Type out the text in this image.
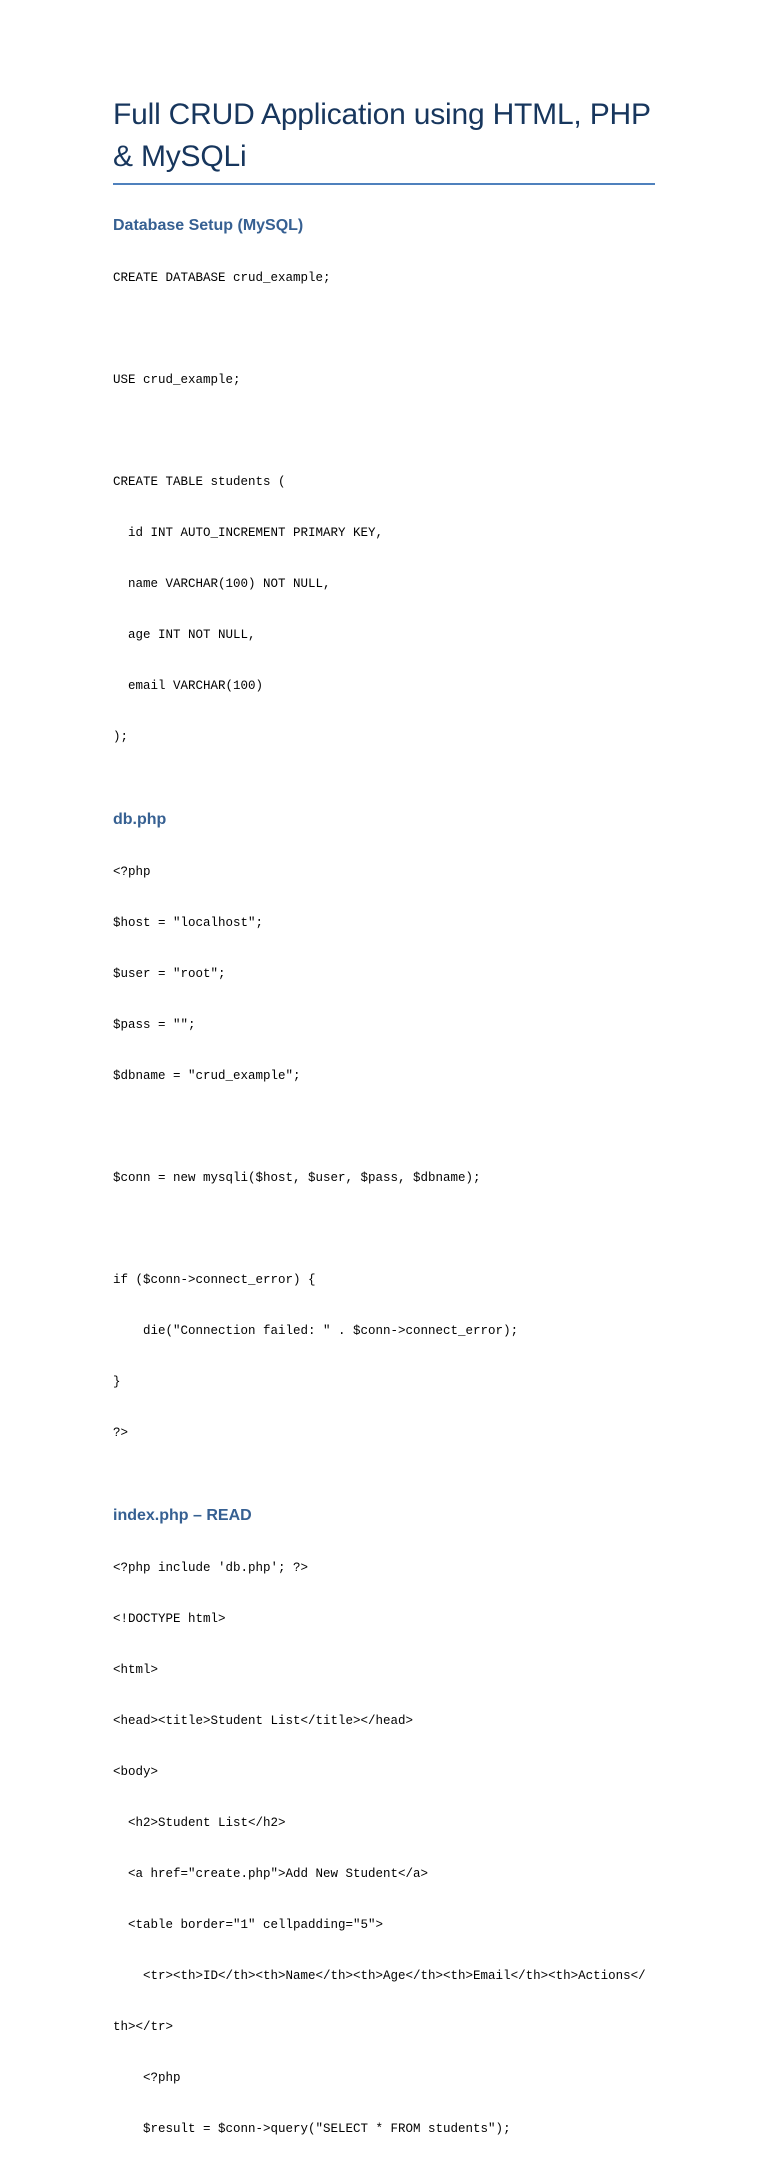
Full CRUD Application using HTML, PHP & MySQLi
Database Setup (MySQL)

CREATE DATABASE crud_example;

USE crud_example;

CREATE TABLE students (

id INT AUTO_INCREMENT PRIMARY KEY,

name VARCHAR(100) NOT NULL,

age INT NOT NULL,

email VARCHAR(100)

);

db.php

<?php

$host = "localhost";

$user = "root";

$pass = "";

$dbname = "crud_example";

$conn = new mysqli($host, $user, $pass, $dbname);

if ($conn->connect_error) {

die("Connection failed: " . $conn->connect_error);

}

?>

index.php – READ

<?php include 'db.php'; ?>

<!DOCTYPE html>

<html>

<head><title>Student List</title></head>

<body>

<h2>Student List</h2>

<a href="create.php">Add New Student</a>

<table border="1" cellpadding="5">

<tr><th>ID</th><th>Name</th><th>Age</th><th>Email</th><th>Actions</

th></tr>

<?php

$result = $conn->query("SELECT * FROM students");
